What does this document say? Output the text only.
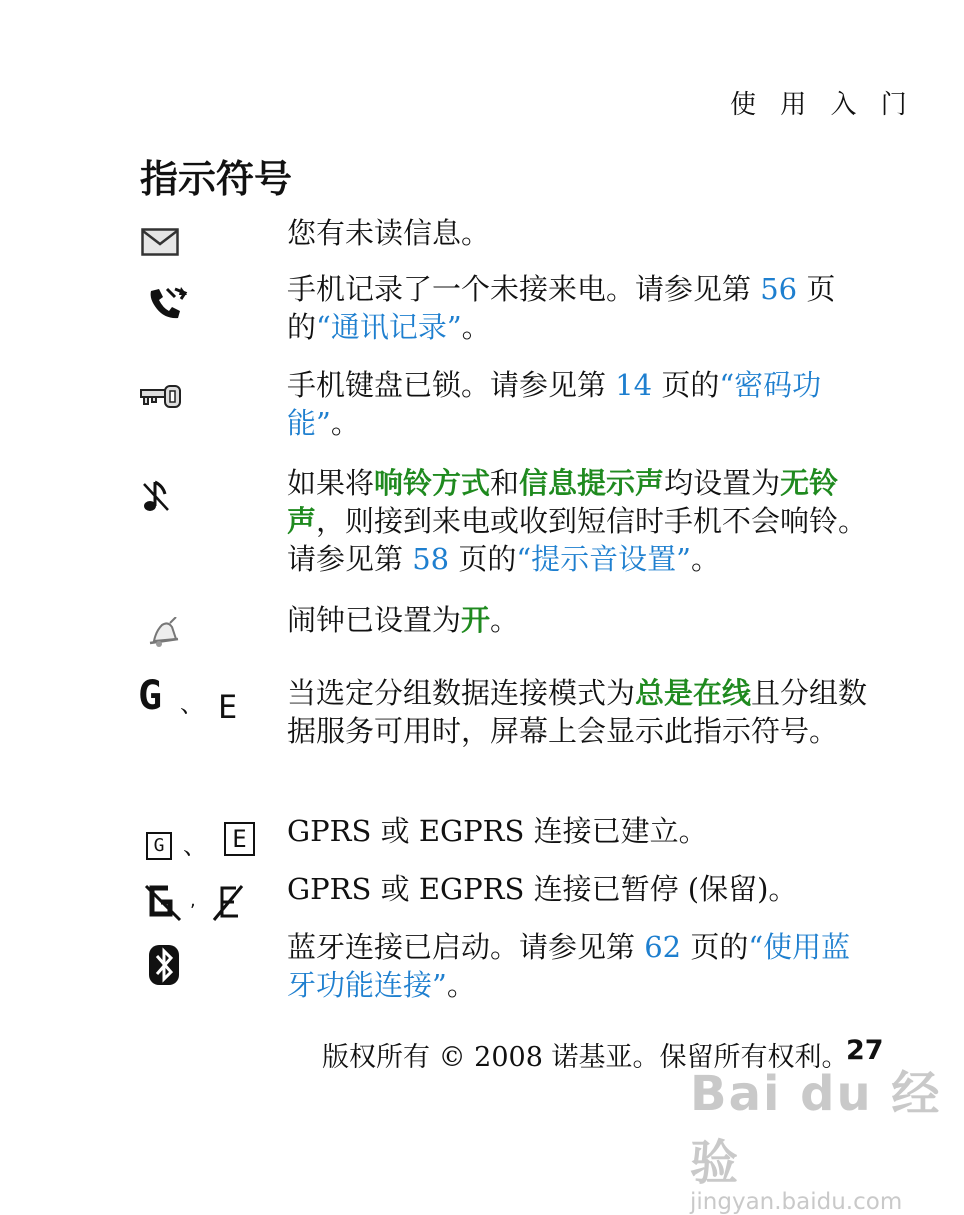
使 用 入 门
指示符号
G 、 E
G 、	E
,
您有未读信息。
手机记录了一个未接来电。请参见第 56 页的“通讯记录”。
手机键盘已锁。请参见第 14 页的“密码功能”。
如果将响铃方式和信息提示声均设置为无铃声，则接到来电或收到短信时手机不会响铃。请参见第 58 页的“提示音设置”。
闹钟已设置为开。
当选定分组数据连接模式为总是在线且分组数据服务可用时，屏幕上会显示此指示符号。
GPRS 或 EGPRS 连接已建立。
GPRS 或 EGPRS 连接已暂停 (保留)。
蓝牙连接已启动。请参见第 62 页的“使用蓝牙功能连接”。
版权所有 © 2008 诺基亚。保留所有权利。
27
Bai du 经验
jingyan.baidu.com
